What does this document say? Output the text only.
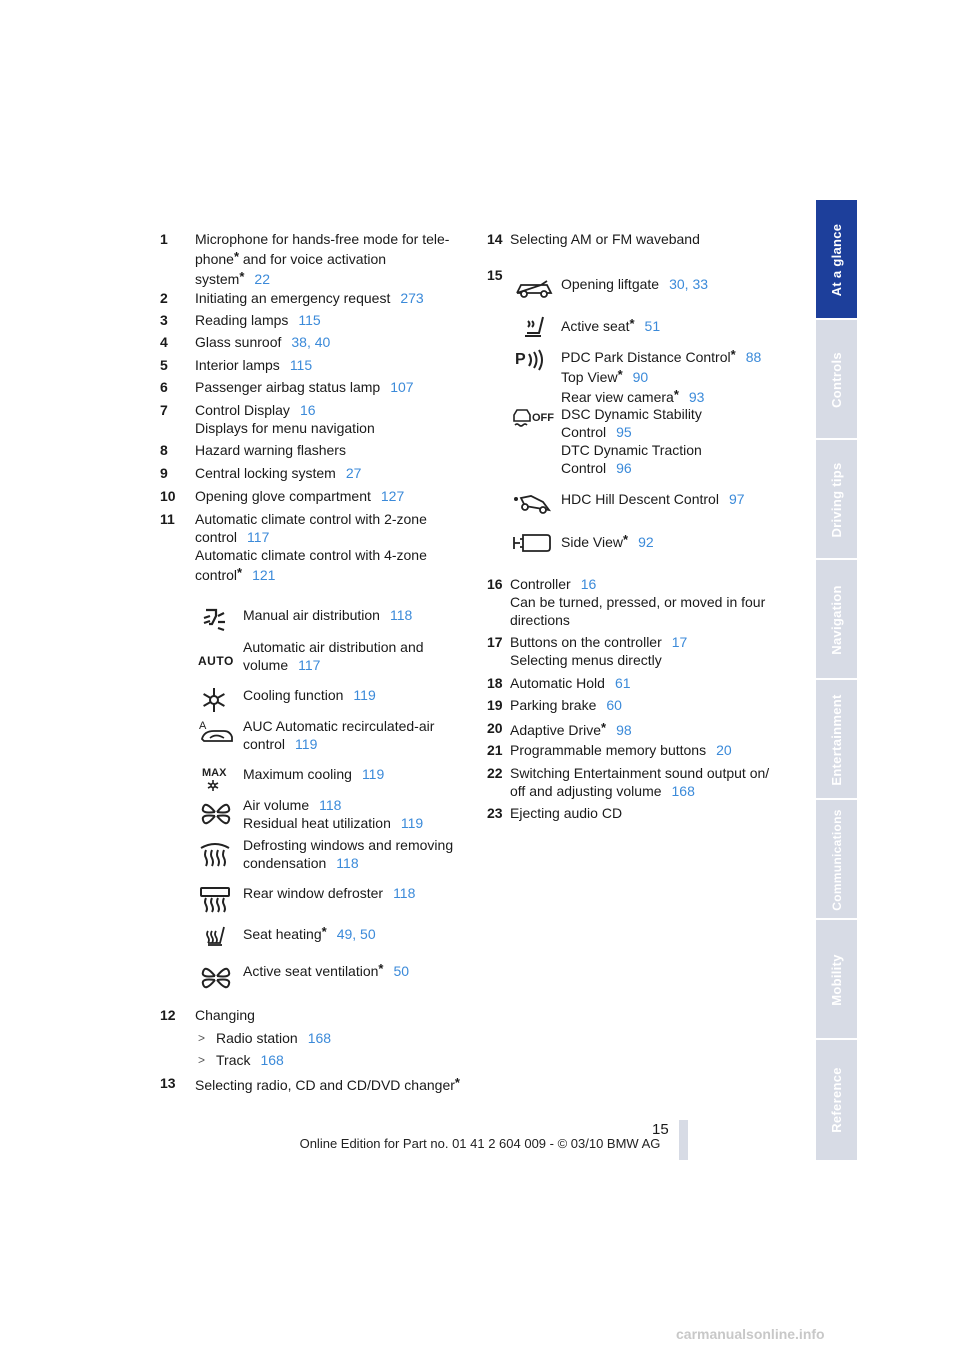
1 Microphone for hands-free mode for tele-
phone* and for voice activation
system* 22
2 Initiating an emergency request 273
3 Reading lamps 115
4 Glass sunroof 38, 40
5 Interior lamps 115
6 Passenger airbag status lamp 107
7 Control Display 16
Displays for menu navigation
8 Hazard warning flashers
9 Central locking system 27
10 Opening glove compartment 127
11 Automatic climate control with 2-zone
control 117
Automatic climate control with 4-zone
control* 121
Manual air distribution 118
AUTO
Automatic air distribution and
volume 117
Cooling function 119
A	AUC Automatic recirculated-air
control 119
MAX Maximum cooling 119
Air volume 118
Residual heat utilization 119
Defrosting windows and removing
condensation 118
Rear window defroster 118
Seat heating* 49, 50
Active seat ventilation* 50
12 Changing
> Radio station 168
> Track 168
13 Selecting radio, CD and CD/DVD changer*
14 Selecting AM or FM waveband
15
Opening liftgate 30, 33
Active seat* 51
P	PDC Park Distance Control* 88
Top View* 90
Rear view camera* 93
OFF DSC Dynamic Stability
Control 95
DTC Dynamic Traction
Control 96
HDC Hill Descent Control 97
Side View* 92
16 Controller 16
Can be turned, pressed, or moved in four
directions
17 Buttons on the controller 17
Selecting menus directly
18 Automatic Hold 61
19 Parking brake 60
20 Adaptive Drive* 98
21 Programmable memory buttons 20
22 Switching Entertainment sound output on/
off and adjusting volume 168
23 Ejecting audio CD
At a glance
Controls
Driving tips
Navigation
Entertainment
Communications
Mobility
Reference
15
Online Edition for Part no. 01 41 2 604 009 - © 03/10 BMW AG
carmanualsonline.info
